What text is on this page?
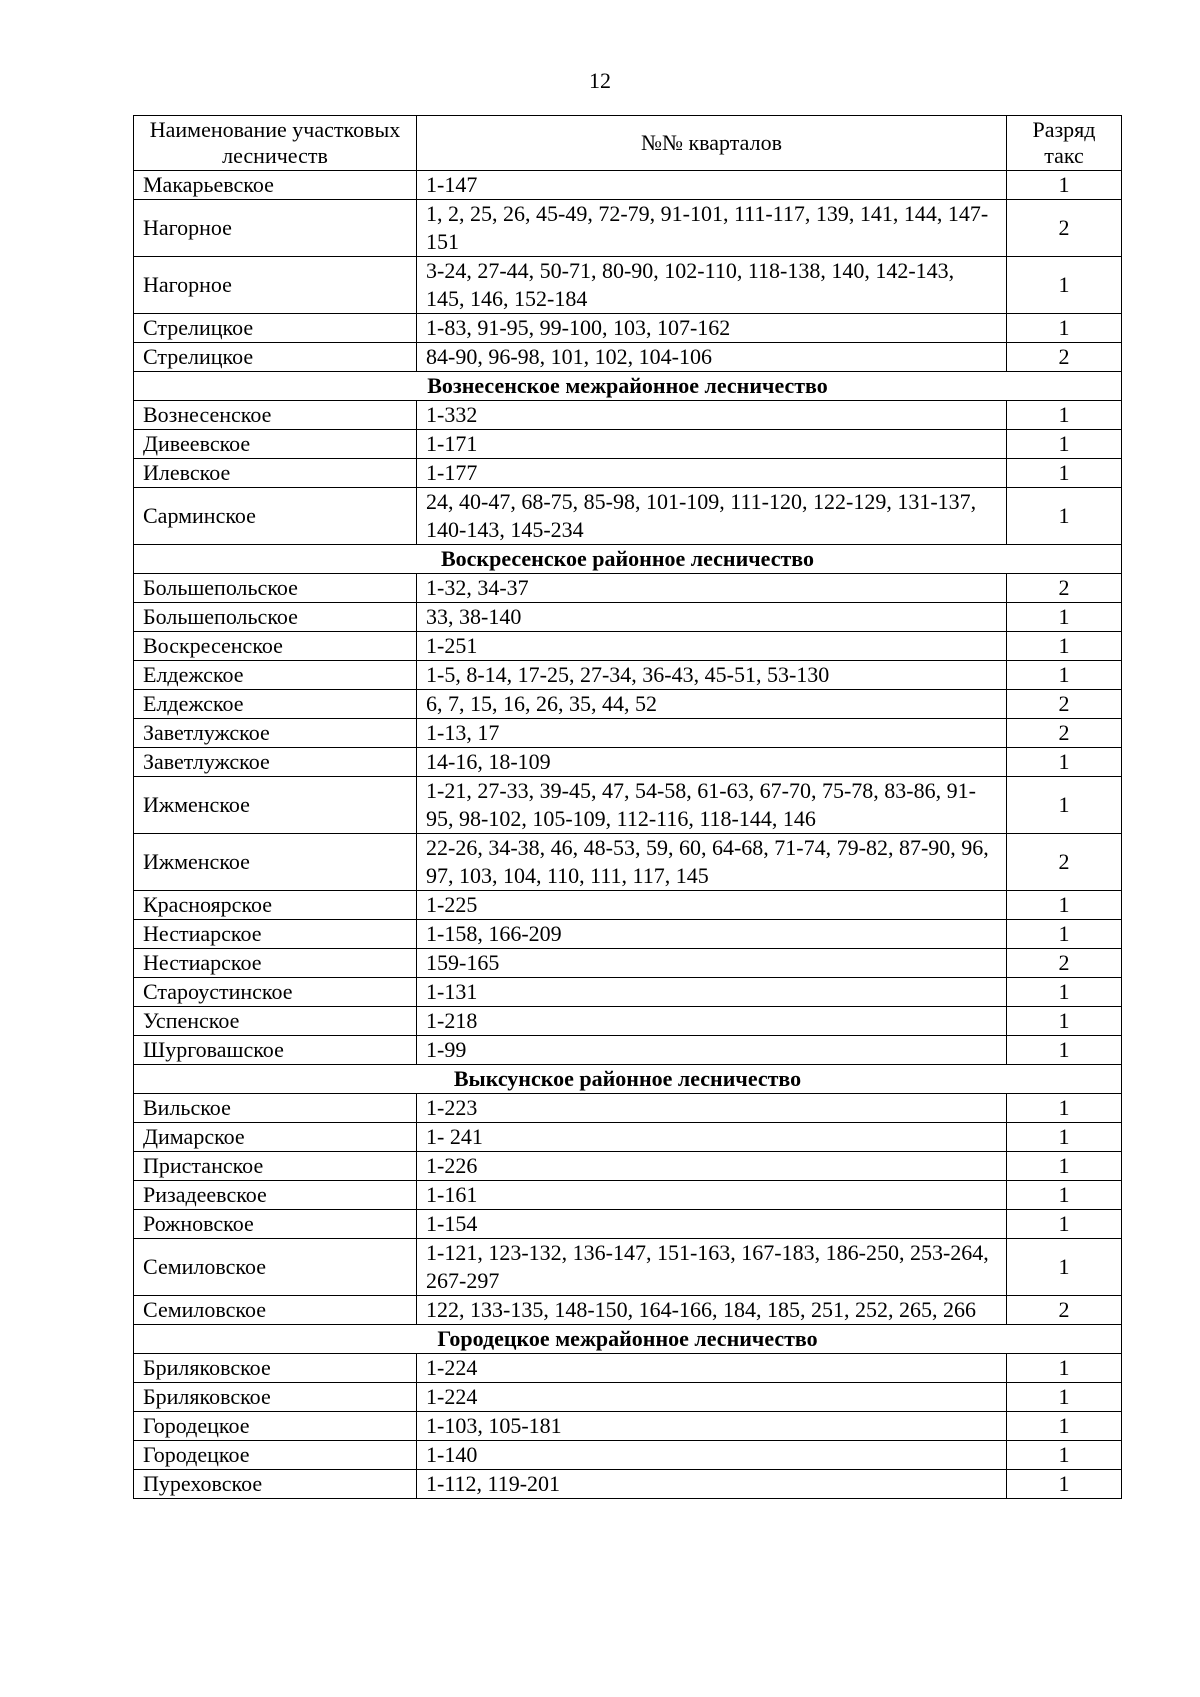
12
Наименование участковых лесничеств	№№ кварталов	Разряд такс
Макарьевское	1-147	1
Нагорное	1, 2, 25, 26, 45-49, 72-79, 91-101, 111-117, 139, 141, 144, 147-151	2
Нагорное	3-24, 27-44, 50-71, 80-90, 102-110, 118-138, 140, 142-143, 145, 146, 152-184	1
Стрелицкое	1-83, 91-95, 99-100, 103, 107-162	1
Стрелицкое	84-90, 96-98, 101, 102, 104-106	2
Вознесенское межрайонное лесничество		
Вознесенское	1-332	1
Дивеевское	1-171	1
Илевское	1-177	1
Сарминское	24, 40-47, 68-75, 85-98, 101-109, 111-120, 122-129, 131-137, 140-143, 145-234	1
Воскресенское районное лесничество		
Большепольское	1-32, 34-37	2
Большепольское	33, 38-140	1
Воскресенское	1-251	1
Елдежское	1-5, 8-14, 17-25, 27-34, 36-43, 45-51, 53-130	1
Елдежское	6, 7, 15, 16, 26, 35, 44, 52	2
Заветлужское	1-13, 17	2
Заветлужское	14-16, 18-109	1
Ижменское	1-21, 27-33, 39-45, 47, 54-58, 61-63, 67-70, 75-78, 83-86, 91-95, 98-102, 105-109, 112-116, 118-144, 146	1
Ижменское	22-26, 34-38, 46, 48-53, 59, 60, 64-68, 71-74, 79-82, 87-90, 96, 97, 103, 104, 110, 111, 117, 145	2
Красноярское	1-225	1
Нестиарское	1-158, 166-209	1
Нестиарское	159-165	2
Староустинское	1-131	1
Успенское	1-218	1
Шурговашское	1-99	1
Выксунское районное лесничество		
Вильское	1-223	1
Димарское	1- 241	1
Пристанское	1-226	1
Ризадеевское	1-161	1
Рожновское	1-154	1
Семиловское	1-121, 123-132, 136-147, 151-163, 167-183, 186-250, 253-264, 267-297	1
Семиловское	122, 133-135, 148-150, 164-166, 184, 185, 251, 252, 265, 266	2
Городецкое межрайонное лесничество		
Бриляковское	1-224	1
Бриляковское	1-224	1
Городецкое	1-103, 105-181	1
Городецкое	1-140	1
Пуреховское	1-112, 119-201	1
